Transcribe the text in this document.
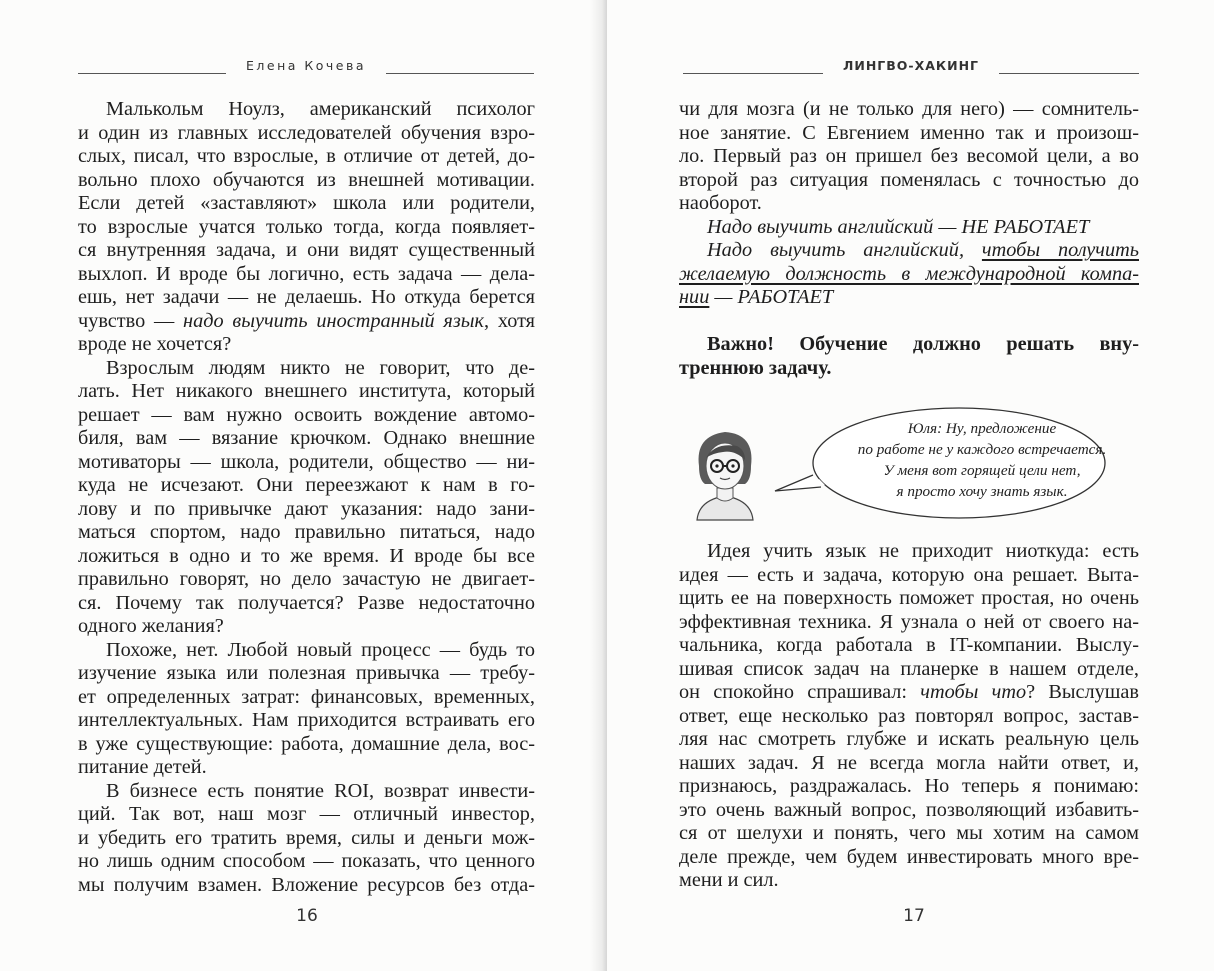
Елена Кочева
Малькольм Ноулз, американский психолог
и один из главных исследователей обучения взро-
слых, писал, что взрослые, в отличие от детей, до-
вольно плохо обучаются из внешней мотивации.
Если детей «заставляют» школа или родители,
то взрослые учатся только тогда, когда появляет-
ся внутренняя задача, и они видят существенный
выхлоп. И вроде бы логично, есть задача — дела-
ешь, нет задачи — не делаешь. Но откуда берется
чувство — надо выучить иностранный язык, хотя
вроде не хочется?
Взрослым людям никто не говорит, что де-
лать. Нет никакого внешнего института, который
решает — вам нужно освоить вождение автомо-
биля, вам — вязание крючком. Однако внешние
мотиваторы — школа, родители, общество — ни-
куда не исчезают. Они переезжают к нам в го-
лову и по привычке дают указания: надо зани-
маться спортом, надо правильно питаться, надо
ложиться в одно и то же время. И вроде бы все
правильно говорят, но дело зачастую не двигает-
ся. Почему так получается? Разве недостаточно
одного желания?
Похоже, нет. Любой новый процесс — будь то
изучение языка или полезная привычка — требу-
ет определенных затрат: финансовых, временных,
интеллектуальных. Нам приходится встраивать его
в уже существующие: работа, домашние дела, вос-
питание детей.
В бизнесе есть понятие ROI, возврат инвести-
ций. Так вот, наш мозг — отличный инвестор,
и убедить его тратить время, силы и деньги мож-
но лишь одним способом — показать, что ценного
мы получим взамен. Вложение ресурсов без отда-
16
ЛИНГВО-ХАКИНГ
чи для мозга (и не только для него) — сомнитель-
ное занятие. С Евгением именно так и произош-
ло. Первый раз он пришел без весомой цели, а во
второй раз ситуация поменялась с точностью до
наоборот.
Надо выучить английский — НЕ РАБОТАЕТ
Надо выучить английский, чтобы получить
желаемую должность в международной компа-
нии — РАБОТАЕТ
Важно! Обучение должно решать вну-
треннюю задачу.
Юля: Ну, предложение
по работе не у каждого встречается.
У меня вот горящей цели нет,
я просто хочу знать язык.
Идея учить язык не приходит ниоткуда: есть
идея — есть и задача, которую она решает. Выта-
щить ее на поверхность поможет простая, но очень
эффективная техника. Я узнала о ней от своего на-
чальника, когда работала в IT-компании. Выслу-
шивая список задач на планерке в нашем отделе,
он спокойно спрашивал: чтобы что? Выслушав
ответ, еще несколько раз повторял вопрос, застав-
ляя нас смотреть глубже и искать реальную цель
наших задач. Я не всегда могла найти ответ, и,
признаюсь, раздражалась. Но теперь я понимаю:
это очень важный вопрос, позволяющий избавить-
ся от шелухи и понять, чего мы хотим на самом
деле прежде, чем будем инвестировать много вре-
мени и сил.
17
